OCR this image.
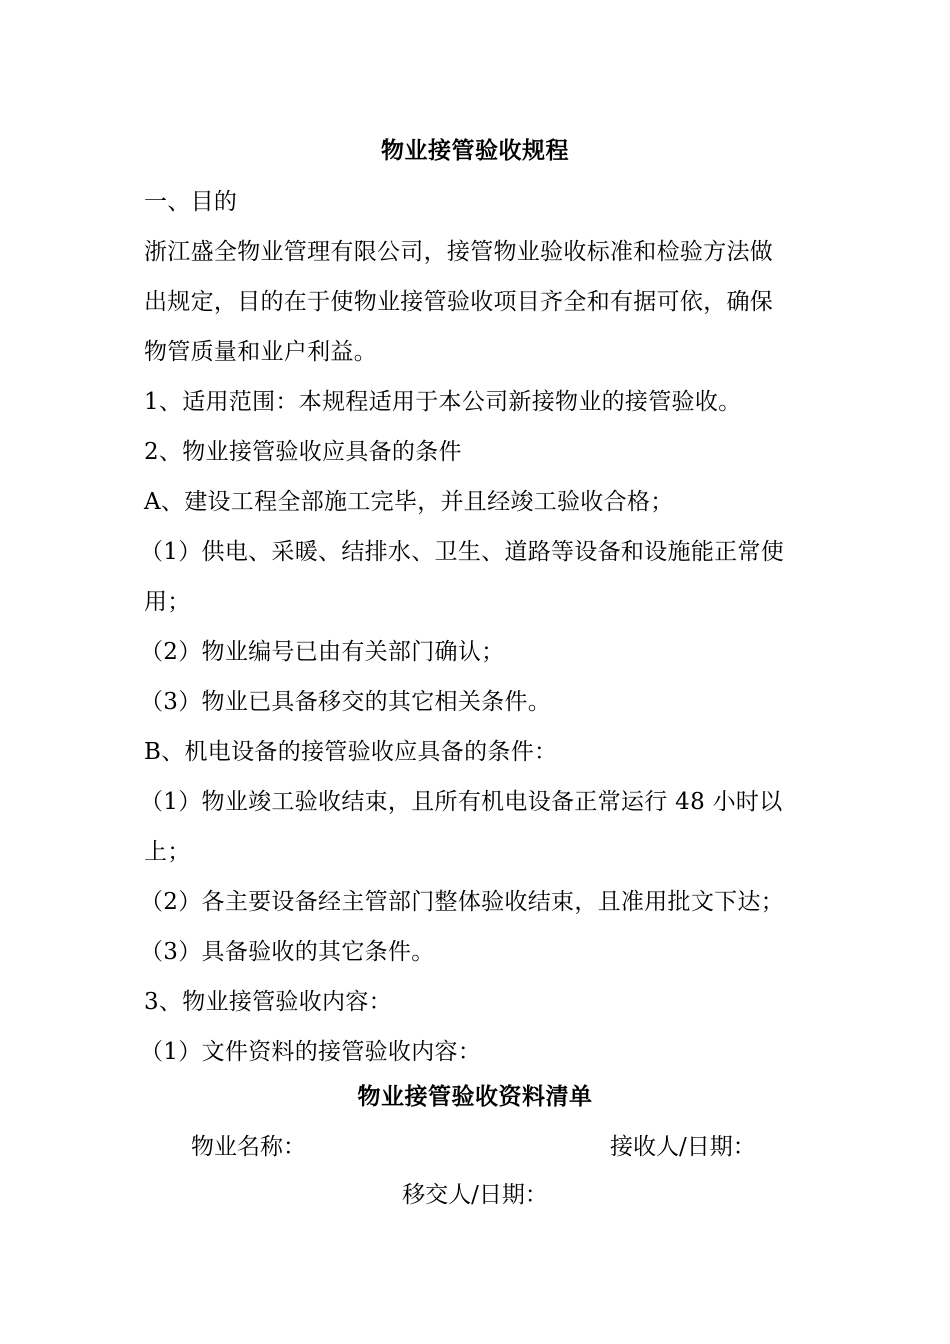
物业接管验收规程
一、目的
浙江盛全物业管理有限公司，接管物业验收标准和检验方法做
出规定，目的在于使物业接管验收项目齐全和有据可依，确保
物管质量和业户利益。
1、适用范围：本规程适用于本公司新接物业的接管验收。
2、物业接管验收应具备的条件
A、建设工程全部施工完毕，并且经竣工验收合格；
（1）供电、采暖、结排水、卫生、道路等设备和设施能正常使
用；
（2）物业编号已由有关部门确认；
（3）物业已具备移交的其它相关条件。
B、机电设备的接管验收应具备的条件：
（1）物业竣工验收结束，且所有机电设备正常运行 48 小时以
上；
（2）各主要设备经主管部门整体验收结束，且准用批文下达；
（3）具备验收的其它条件。
3、物业接管验收内容：
（1）文件资料的接管验收内容：
物业接管验收资料清单
物业名称：	接收人/日期：
移交人/日期：
